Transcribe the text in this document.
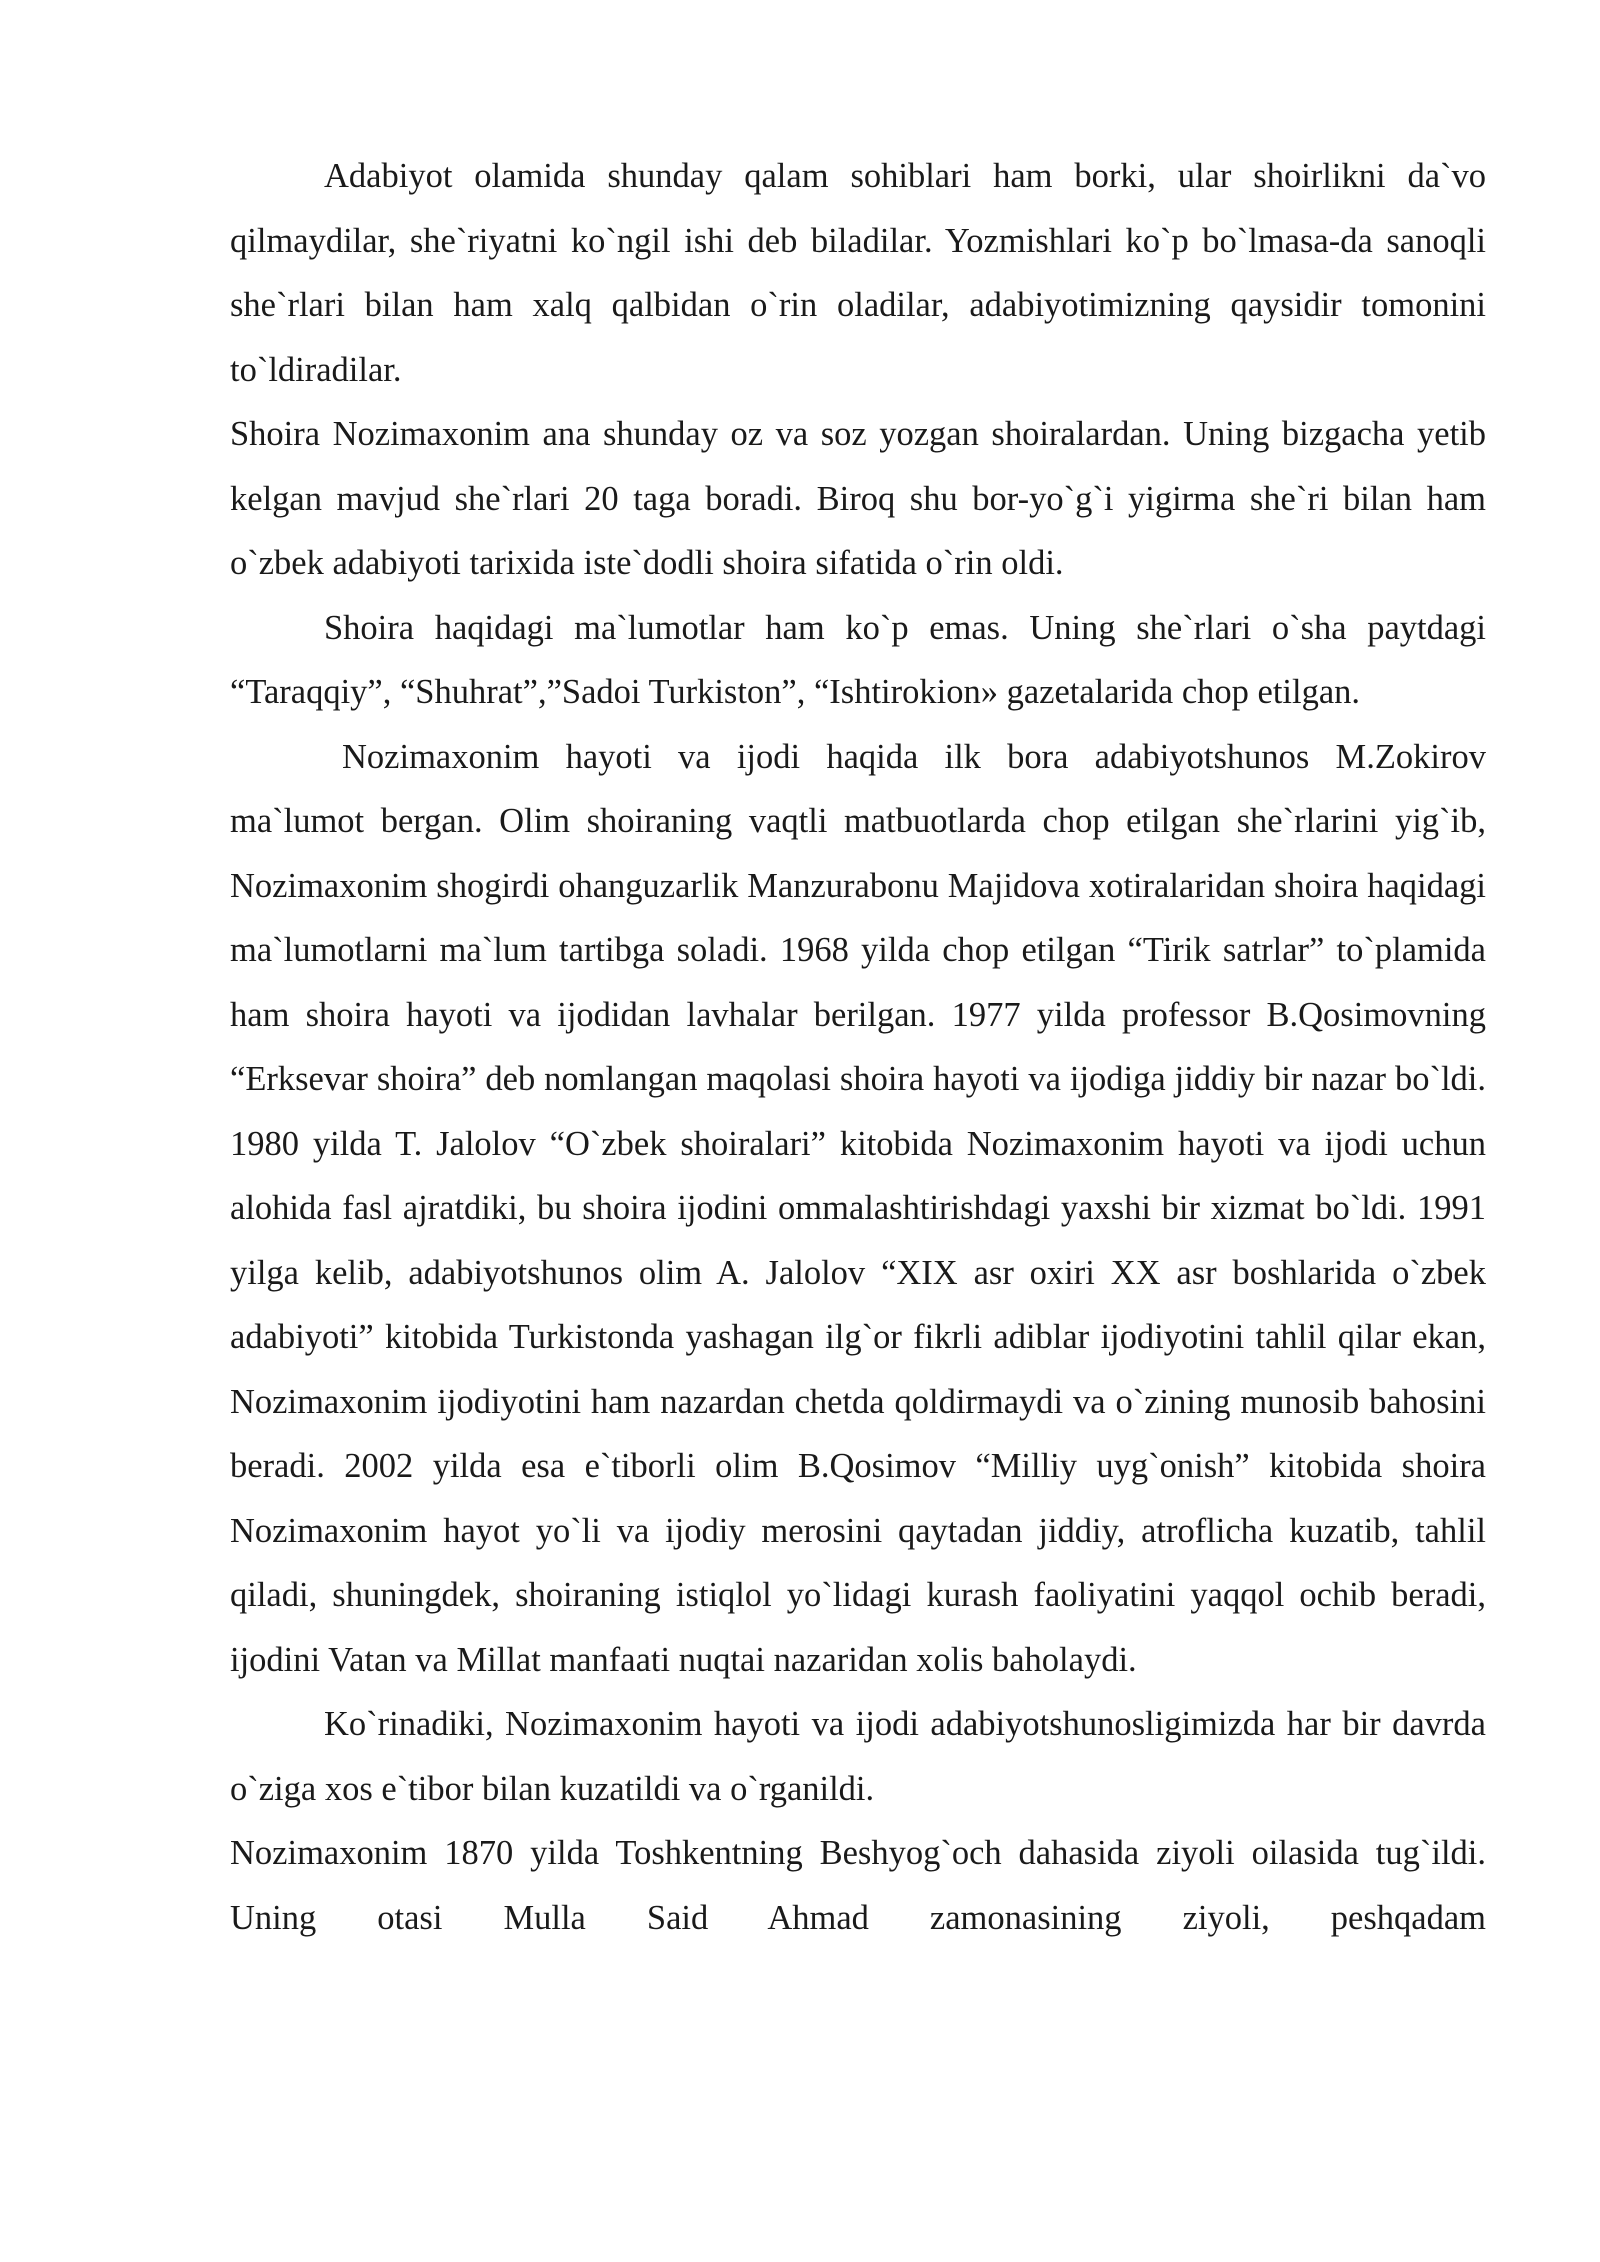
Adabiyot olamida shunday qalam sohiblari ham borki, ular shoirlikni da`vo qilmaydilar, she`riyatni ko`ngil ishi deb biladilar. Yozmishlari ko`p bo`lmasa-da sanoqli she`rlari bilan ham xalq qalbidan o`rin oladilar, adabiyotimizning qaysidir tomonini to`ldiradilar.

Shoira Nozimaxonim ana shunday oz va soz yozgan shoiralardan. Uning bizgacha yetib kelgan mavjud she`rlari 20 taga boradi. Biroq shu bor-yo`g`i yigirma she`ri bilan ham o`zbek adabiyoti tarixida iste`dodli shoira sifatida o`rin oldi.

Shoira haqidagi ma`lumotlar ham ko`p emas. Uning she`rlari o`sha paytdagi “Taraqqiy”, “Shuhrat”,”Sadoi Turkiston”, “Ishtirokion» gazetalarida chop etilgan.

Nozimaxonim hayoti va ijodi haqida ilk bora adabiyotshunos M.Zokirov ma`lumot bergan. Olim shoiraning vaqtli matbuotlarda chop etilgan she`rlarini yig`ib, Nozimaxonim shogirdi ohanguzarlik Manzurabonu Majidova xotiralaridan shoira haqidagi ma`lumotlarni ma`lum tartibga soladi. 1968 yilda chop etilgan “Tirik satrlar” to`plamida ham shoira hayoti va ijodidan lavhalar berilgan. 1977 yilda professor B.Qosimovning “Erksevar shoira” deb nomlangan maqolasi shoira hayoti va ijodiga jiddiy bir nazar bo`ldi. 1980 yilda T. Jalolov “O`zbek shoiralari” kitobida Nozimaxonim hayoti va ijodi uchun alohida fasl ajratdiki, bu shoira ijodini ommalashtirishdagi yaxshi bir xizmat bo`ldi. 1991 yilga kelib, adabiyotshunos olim A. Jalolov “XIX asr oxiri XX asr boshlarida o`zbek adabiyoti” kitobida Turkistonda yashagan ilg`or fikrli adiblar ijodiyotini tahlil qilar ekan, Nozimaxonim ijodiyotini ham nazardan chetda qoldirmaydi va o`zining munosib bahosini beradi. 2002 yilda esa e`tiborli olim B.Qosimov “Milliy uyg`onish” kitobida shoira Nozimaxonim hayot yo`li va ijodiy merosini qaytadan jiddiy, atroflicha kuzatib, tahlil qiladi, shuningdek, shoiraning istiqlol yo`lidagi kurash faoliyatini yaqqol ochib beradi, ijodini Vatan va Millat manfaati nuqtai nazaridan xolis baholaydi.

Ko`rinadiki, Nozimaxonim hayoti va ijodi adabiyotshunosligimizda har bir davrda o`ziga xos e`tibor bilan kuzatildi va o`rganildi.

Nozimaxonim 1870 yilda Toshkentning Beshyog`och dahasida ziyoli oilasida tug`ildi. Uning otasi Mulla Said Ahmad zamonasining ziyoli, peshqadam
